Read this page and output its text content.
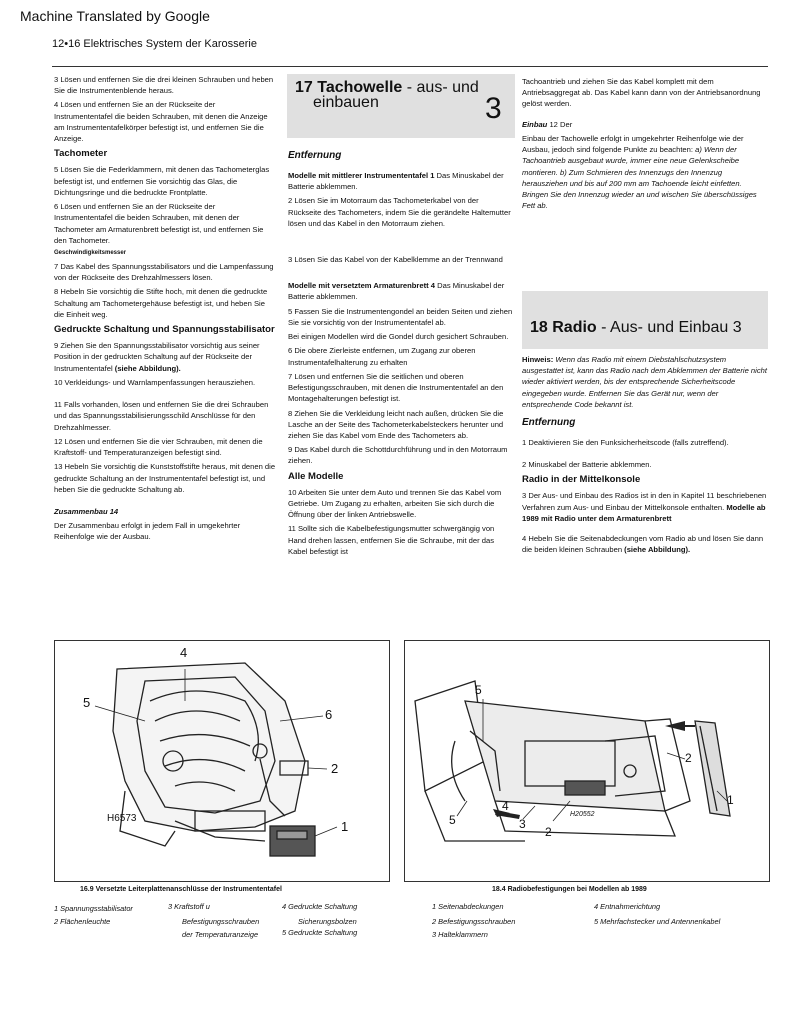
Machine Translated by Google
12•16 Elektrisches System der Karosserie

3 Lösen und entfernen Sie die drei kleinen Schrauben und heben Sie die Instrumentenblende heraus.

4 Lösen und entfernen Sie an der Rückseite der Instrumententafel die beiden Schrauben, mit denen die Anzeige am Instrumententafelkörper befestigt ist, und entfernen Sie die Anzeige.

Tachometer

5 Lösen Sie die Federklammern, mit denen das Tachometerglas befestigt ist, und entfernen Sie vorsichtig das Glas, die Dichtungsringe und die bedruckte Frontplatte.

6 Lösen und entfernen Sie an der Rückseite der Instrumententafel die beiden Schrauben, mit denen der Tachometer am Armaturenbrett befestigt ist, und entfernen Sie den Tachometer.

Geschwindigkeitsmesser

7 Das Kabel des Spannungsstabilisators und die Lampenfassung von der Rückseite des Drehzahlmessers lösen.

8 Hebeln Sie vorsichtig die Stifte hoch, mit denen die gedruckte Schaltung am Tachometergehäuse befestigt ist, und heben Sie die Einheit weg.

Gedruckte Schaltung und Spannungsstabilisator

9 Ziehen Sie den Spannungsstabilisator vorsichtig aus seiner Position in der gedruckten Schaltung auf der Rückseite der Instrumententafel (siehe Abbildung).

10 Verkleidungs- und Warnlampenfassungen herausziehen.

11 Falls vorhanden, lösen und entfernen Sie die drei Schrauben und das Spannungsstabilisierungsschild Anschlüsse für den Drehzahlmesser.

12 Lösen und entfernen Sie die vier Schrauben, mit denen die Kraftstoff- und Temperaturanzeigen befestigt sind.

13 Hebeln Sie vorsichtig die Kunststoffstifte heraus, mit denen die gedruckte Schaltung an der Instrumententafel befestigt ist, und heben Sie die gedruckte Schaltung ab.

Zusammenbau 14

Der Zusammenbau erfolgt in jedem Fall in umgekehrter Reihenfolge wie der Ausbau.

17 Tachowelle - aus- und
einbauen	3
Entfernung

Modelle mit mittlerer Instrumententafel 1 Das Minuskabel der Batterie abklemmen.

2 Lösen Sie im Motorraum das Tachometerkabel von der Rückseite des Tachometers, indem Sie die gerändelte Haltemutter lösen und das Kabel in den Motorraum ziehen.

3 Lösen Sie das Kabel von der Kabelklemme an der Trennwand

Modelle mit versetztem Armaturenbrett 4 Das Minuskabel der Batterie abklemmen.

5 Fassen Sie die Instrumentengondel an beiden Seiten und ziehen Sie sie vorsichtig von der Instrumententafel ab.

Bei einigen Modellen wird die Gondel durch gesichert Schrauben.

6 Die obere Zierleiste entfernen, um Zugang zur oberen Instrumentafelhalterung zu erhalten

7 Lösen und entfernen Sie die seitlichen und oberen Befestigungsschrauben, mit denen die Instrumententafel an den Montagehalterungen befestigt ist.

8 Ziehen Sie die Verkleidung leicht nach außen, drücken Sie die Lasche an der Seite des Tachometerkabelsteckers herunter und ziehen Sie das Kabel vom Ende des Tachometers ab.

9 Das Kabel durch die Schottdurchführung und in den Motorraum ziehen.

Alle Modelle

10 Arbeiten Sie unter dem Auto und trennen Sie das Kabel vom Getriebe. Um Zugang zu erhalten, arbeiten Sie sich durch die Öffnung über der linken Antriebswelle.

11 Sollte sich die Kabelbefestigungsmutter schwergängig von Hand drehen lassen, entfernen Sie die Schraube, mit der das Kabel befestigt ist

Tachoantrieb und ziehen Sie das Kabel komplett mit dem Antriebsaggregat ab. Das Kabel kann dann von der Antriebsanordnung gelöst werden.

Einbau 12 Der

Einbau der Tachowelle erfolgt in umgekehrter Reihenfolge wie der Ausbau, jedoch sind folgende Punkte zu beachten: a) Wenn der Tachoantrieb ausgebaut wurde, immer eine neue Gelenkscheibe montieren. b) Zum Schmieren des Innenzugs den Innenzug herausziehen und bis auf 200 mm am Tachoende leicht einfetten. Bringen Sie den Innenzug wieder an und wischen Sie überschüssiges Fett ab.

18 Radio - Aus- und Einbau 3

Hinweis: Wenn das Radio mit einem Diebstahlschutzsystem ausgestattet ist, kann das Radio nach dem Abklemmen der Batterie nicht wieder aktiviert werden, bis der entsprechende Sicherheitscode eingegeben wurde. Entfernen Sie das Gerät nur, wenn der entsprechende Code bekannt ist.

Entfernung

1 Deaktivieren Sie den Funksicherheitscode (falls zutreffend).

2 Minuskabel der Batterie abklemmen.

Radio in der Mittelkonsole

3 Der Aus- und Einbau des Radios ist in den in Kapitel 11 beschriebenen Verfahren zum Aus- und Einbau der Mittelkonsole enthalten. Modelle ab 1989 mit Radio unter dem Armaturenbrett

4 Hebeln Sie die Seitenabdeckungen vom Radio ab und lösen Sie dann die beiden kleinen Schrauben (siehe Abbildung).

4
5
6
2
1
H6573
5
2
4
5	3
2
1
H20552
16.9 Versetzte Leiterplattenanschlüsse der Instrumententafel	18.4 Radiobefestigungen bei Modellen ab 1989
1 Spannungsstabilisator
2 Flächenleuchte
3 Kraftstoff u
Befestigungsschrauben
der Temperaturanzeige
4 Gedruckte Schaltung
Sicherungsbolzen
5 Gedruckte Schaltung
1 Seitenabdeckungen
2 Befestigungsschrauben
3 Halteklammern
4 Entnahmerichtung
5 Mehrfachstecker und Antennenkabel
